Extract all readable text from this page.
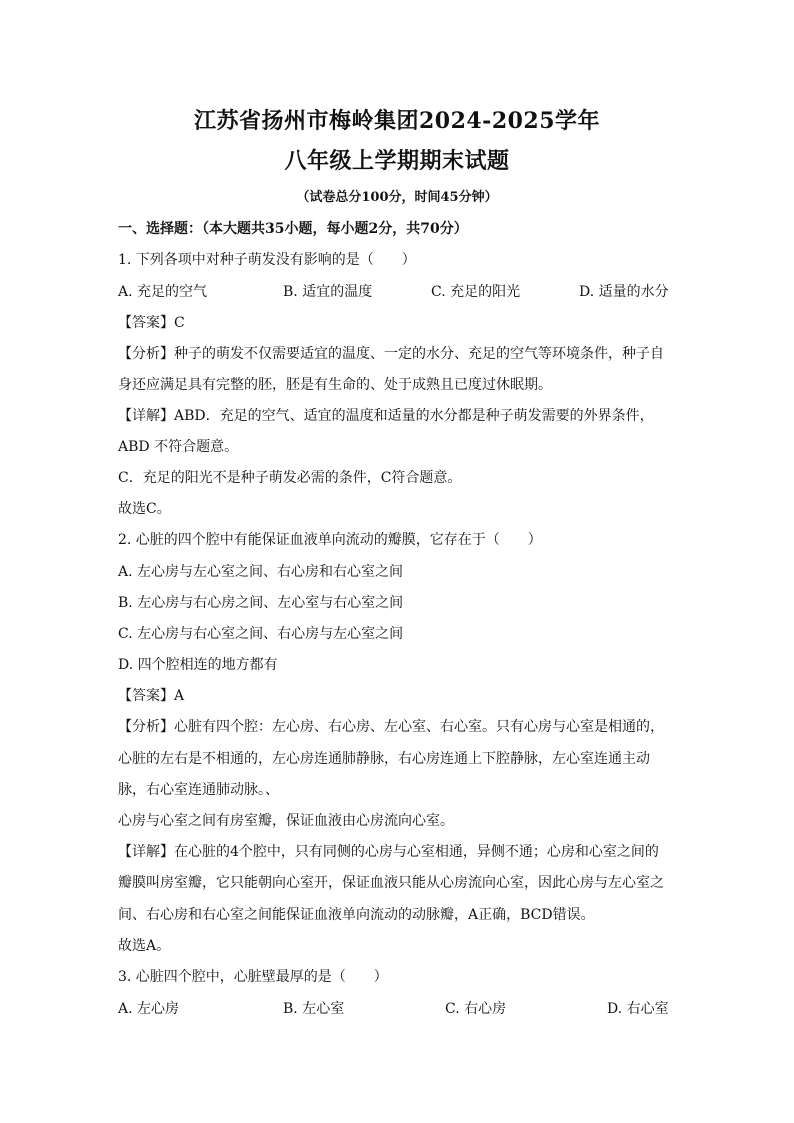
江苏省扬州市梅岭集团2024-2025学年
八年级上学期期末试题
（试卷总分100分，时间45分钟）
一、选择题：（本大题共35小题，每小题2分，共70分）
1. 下列各项中对种子萌发没有影响的是（　　）
A. 充足的空气	B. 适宜的温度	C. 充足的阳光	D. 适量的水分
【答案】C
【分析】种子的萌发不仅需要适宜的温度、一定的水分、充足的空气等环境条件，种子自
身还应满足具有完整的胚，胚是有生命的、处于成熟且已度过休眠期。
【详解】ABD．充足的空气、适宜的温度和适量的水分都是种子萌发需要的外界条件，
ABD 不符合题意。
C．充足的阳光不是种子萌发必需的条件，C符合题意。
故选C。
2. 心脏的四个腔中有能保证血液单向流动的瓣膜，它存在于（　　）
A. 左心房与左心室之间、右心房和右心室之间
B. 左心房与右心房之间、左心室与右心室之间
C. 左心房与右心室之间、右心房与左心室之间
D. 四个腔相连的地方都有
【答案】A
【分析】心脏有四个腔：左心房、右心房、左心室、右心室。只有心房与心室是相通的，
心脏的左右是不相通的，左心房连通肺静脉，右心房连通上下腔静脉，左心室连通主动
脉，右心室连通肺动脉。、
心房与心室之间有房室瓣，保证血液由心房流向心室。
【详解】在心脏的4个腔中，只有同侧的心房与心室相通，异侧不通；心房和心室之间的
瓣膜叫房室瓣，它只能朝向心室开，保证血液只能从心房流向心室，因此心房与左心室之
间、右心房和右心室之间能保证血液单向流动的动脉瓣，A正确，BCD错误。
故选A。
3. 心脏四个腔中，心脏壁最厚的是（　　）
A. 左心房	B. 左心室	C. 右心房	D. 右心室
